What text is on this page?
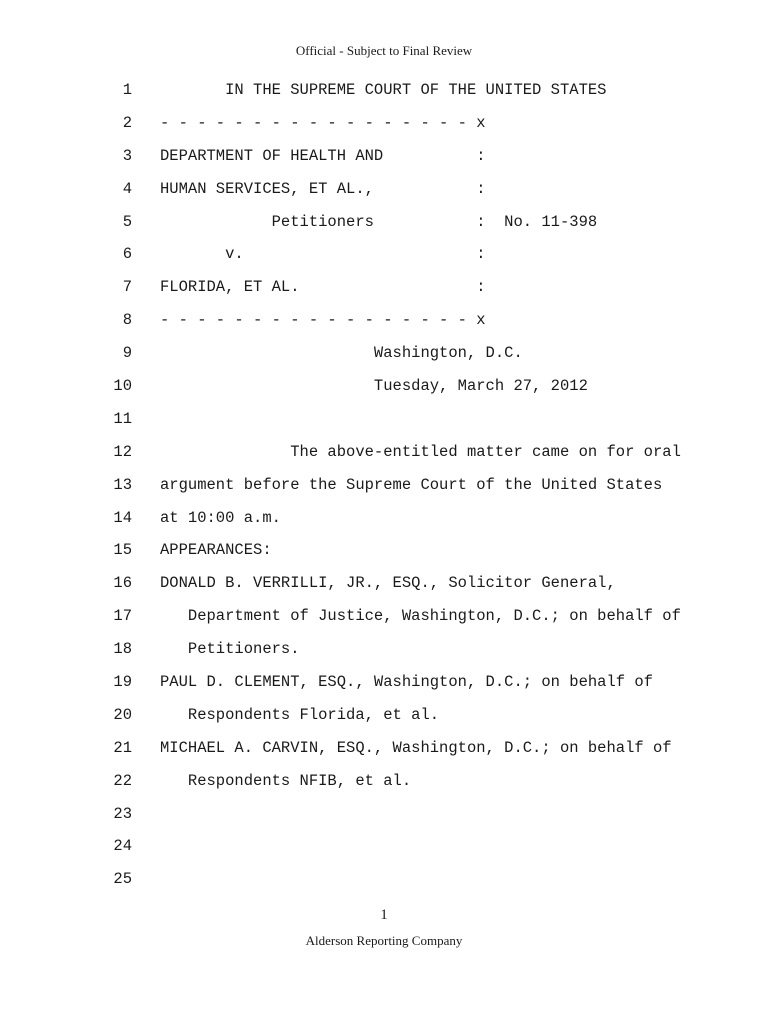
Official - Subject to Final Review
1 IN THE SUPREME COURT OF THE UNITED STATES
2 - - - - - - - - - - - - - - - - - x
3 DEPARTMENT OF HEALTH AND          :
4 HUMAN SERVICES, ET AL.,           :
5 Petitioners           :  No. 11-398
6 v.                         :
7 FLORIDA, ET AL.                   :
8 - - - - - - - - - - - - - - - - - x
9 Washington, D.C.
10 Tuesday, March 27, 2012
11
12 The above-entitled matter came on for oral
13 argument before the Supreme Court of the United States
14 at 10:00 a.m.
15 APPEARANCES:
16 DONALD B. VERRILLI, JR., ESQ., Solicitor General,
17 Department of Justice, Washington, D.C.; on behalf of
18 Petitioners.
19 PAUL D. CLEMENT, ESQ., Washington, D.C.; on behalf of
20 Respondents Florida, et al.
21 MICHAEL A. CARVIN, ESQ., Washington, D.C.; on behalf of
22 Respondents NFIB, et al.
23
24
25
1
Alderson Reporting Company
